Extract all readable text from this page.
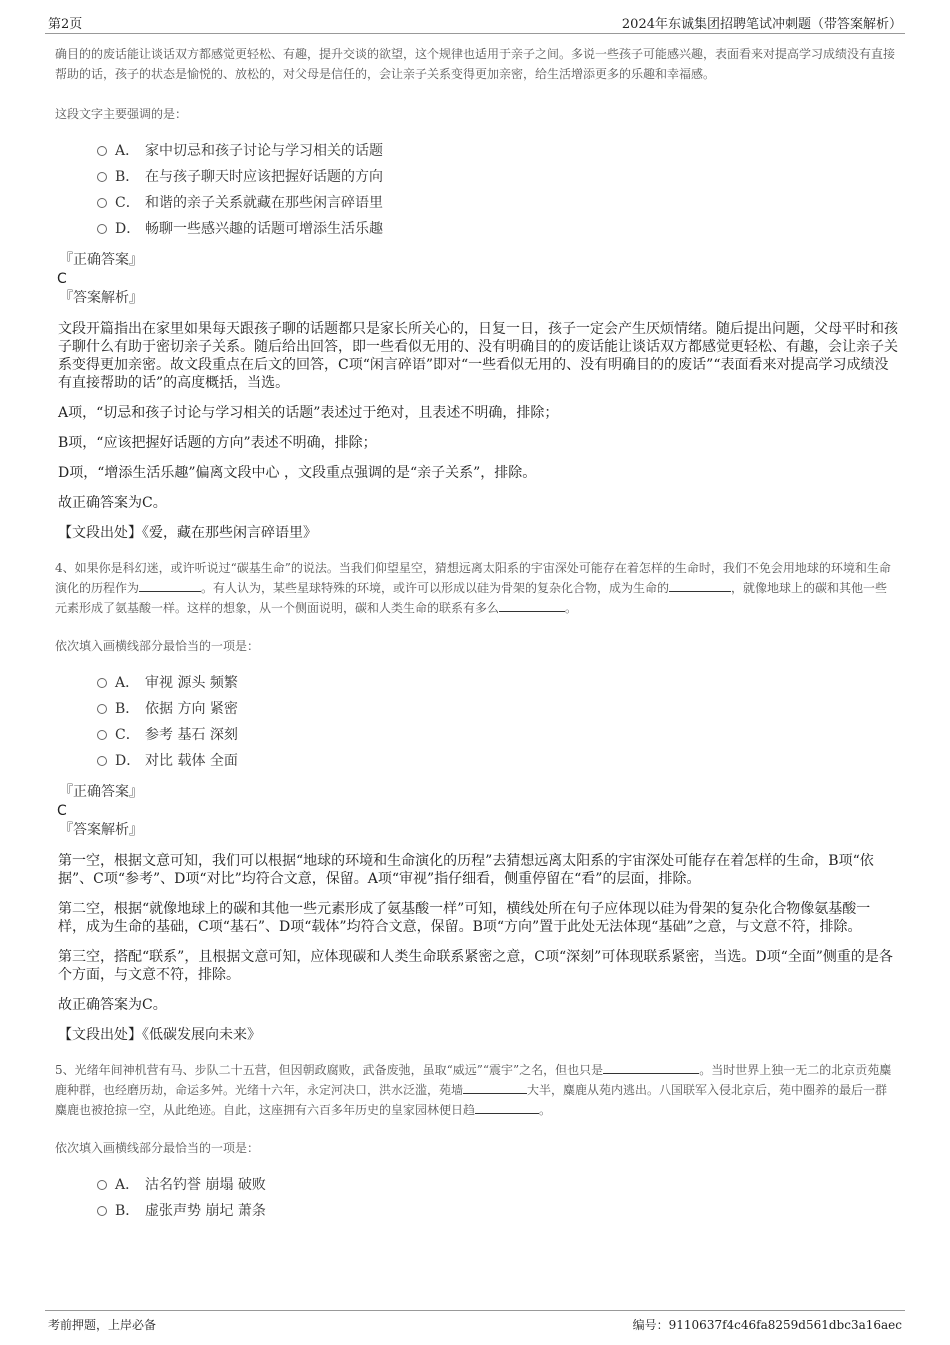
第2页	2024年东诚集团招聘笔试冲刺题（带答案解析）

确目的的废话能让谈话双方都感觉更轻松、有趣，提升交谈的欲望，这个规律也适用于亲子之间。多说一些孩子可能感兴趣，表面看来对提高学习成绩没有直接帮助的话，孩子的状态是愉悦的、放松的，对父母是信任的，会让亲子关系变得更加亲密，给生活增添更多的乐趣和幸福感。

这段文字主要强调的是：

A． 家中切忌和孩子讨论与学习相关的话题
B． 在与孩子聊天时应该把握好话题的方向
C． 和谐的亲子关系就藏在那些闲言碎语里
D． 畅聊一些感兴趣的话题可增添生活乐趣

『正确答案』

C

『答案解析』

文段开篇指出在家里如果每天跟孩子聊的话题都只是家长所关心的，日复一日，孩子一定会产生厌烦情绪。随后提出问题，父母平时和孩子聊什么有助于密切亲子关系。随后给出回答，即一些看似无用的、没有明确目的的废话能让谈话双方都感觉更轻松、有趣，会让亲子关系变得更加亲密。故文段重点在后文的回答，C项“闲言碎语”即对“一些看似无用的、没有明确目的的废话”“表面看来对提高学习成绩没有直接帮助的话”的高度概括，当选。

A项，“切忌和孩子讨论与学习相关的话题”表述过于绝对，且表述不明确，排除；

B项，“应该把握好话题的方向”表述不明确，排除；

D项，“增添生活乐趣”偏离文段中心 ，文段重点强调的是“亲子关系”，排除。

故正确答案为C。

【文段出处】《爱，藏在那些闲言碎语里》

4、如果你是科幻迷，或许听说过“碳基生命”的说法。当我们仰望星空，猜想远离太阳系的宇宙深处可能存在着怎样的生命时，我们不免会用地球的环境和生命演化的历程作为	。有人认为，某些星球特殊的环境，或许可以形成以硅为骨架的复杂化合物，成为生命的	，就像地球上的碳和其他一些元素形成了氨基酸一样。这样的想象，从一个侧面说明，碳和人类生命的联系有多么	。

依次填入画横线部分最恰当的一项是：

A． 审视 源头 频繁
B． 依据 方向 紧密
C． 参考 基石 深刻
D． 对比 载体 全面

『正确答案』

C

『答案解析』

第一空，根据文意可知，我们可以根据“地球的环境和生命演化的历程”去猜想远离太阳系的宇宙深处可能存在着怎样的生命，B项“依据”、C项“参考”、D项“对比”均符合文意，保留。A项“审视”指仔细看，侧重停留在“看”的层面，排除。

第二空，根据“就像地球上的碳和其他一些元素形成了氨基酸一样”可知，横线处所在句子应体现以硅为骨架的复杂化合物像氨基酸一样，成为生命的基础，C项“基石”、D项“载体”均符合文意，保留。B项“方向”置于此处无法体现“基础”之意，与文意不符，排除。

第三空，搭配“联系”，且根据文意可知，应体现碳和人类生命联系紧密之意，C项“深刻”可体现联系紧密，当选。D项“全面”侧重的是各个方面，与文意不符，排除。

故正确答案为C。

【文段出处】《低碳发展向未来》

5、光绪年间神机营有马、步队二十五营，但因朝政腐败，武备废弛，虽取“威远”“震宇”之名，但也只是	。当时世界上独一无二的北京贡苑麋鹿种群，也经磨历劫，命运多舛。光绪十六年，永定河决口，洪水泛滥，苑墙	大半，麋鹿从苑内逃出。八国联军入侵北京后，苑中圈养的最后一群麋鹿也被抢掠一空，从此绝迹。自此，这座拥有六百多年历史的皇家园林便日趋	。

依次填入画横线部分最恰当的一项是：

A． 沽名钓誉 崩塌 破败
B． 虚张声势 崩圮 萧条
考前押题，上岸必备	编号：9110637f4c46fa8259d561dbc3a16aec
